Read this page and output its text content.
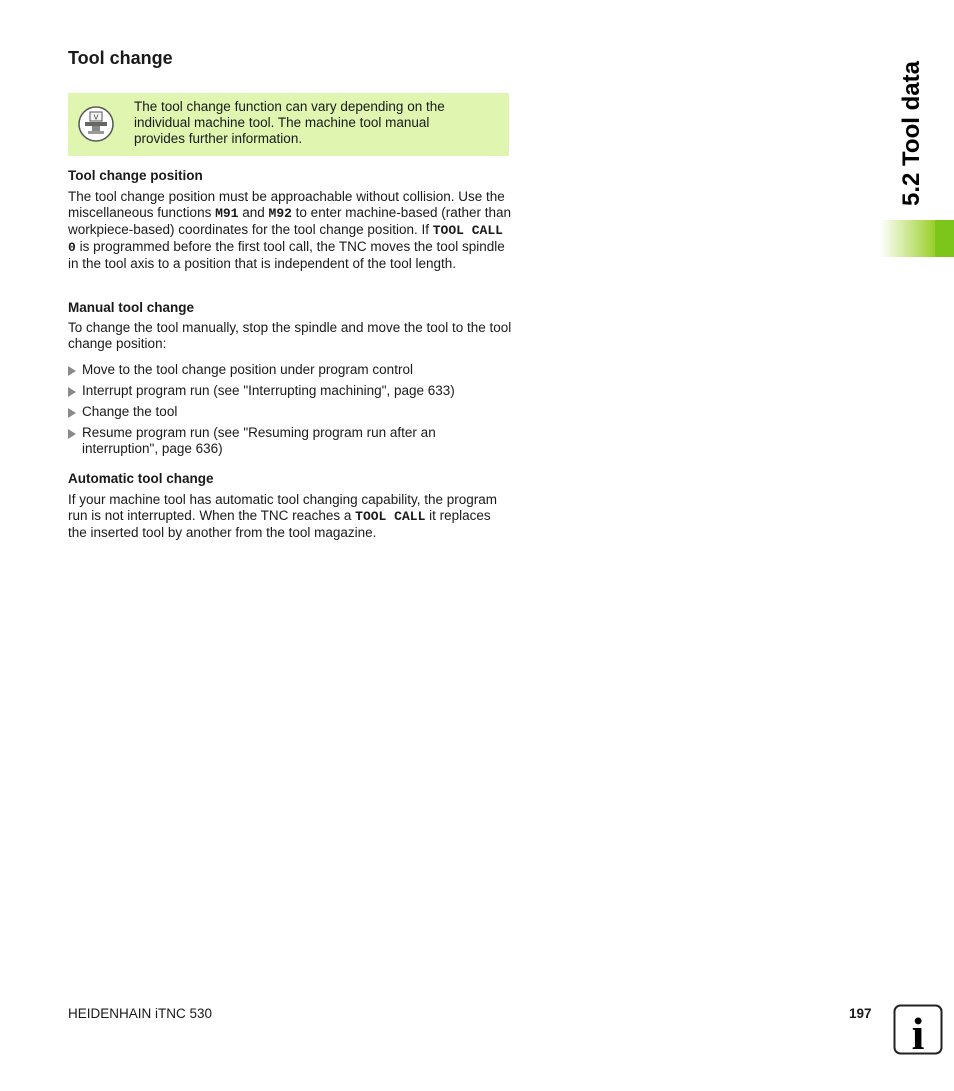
Tool change
V
The tool change function can vary depending on the
individual machine tool. The machine tool manual
provides further information.
Tool change position

The tool change position must be approachable without collision. Use the miscellaneous functions M91 and M92 to enter machine-based (rather than workpiece-based) coordinates for the tool change position. If TOOL CALL 0 is programmed before the first tool call, the TNC moves the tool spindle in the tool axis to a position that is independent of the tool length.

Manual tool change

To change the tool manually, stop the spindle and move the tool to the tool change position:

Move to the tool change position under program control
Interrupt program run (see "Interrupting machining", page 633)
Change the tool
Resume program run (see "Resuming program run after an interruption", page 636)
Automatic tool change

If your machine tool has automatic tool changing capability, the program run is not interrupted. When the TNC reaches a TOOL CALL it replaces the inserted tool by another from the tool magazine.

5.2 Tool data
HEIDENHAIN iTNC 530	197 i
